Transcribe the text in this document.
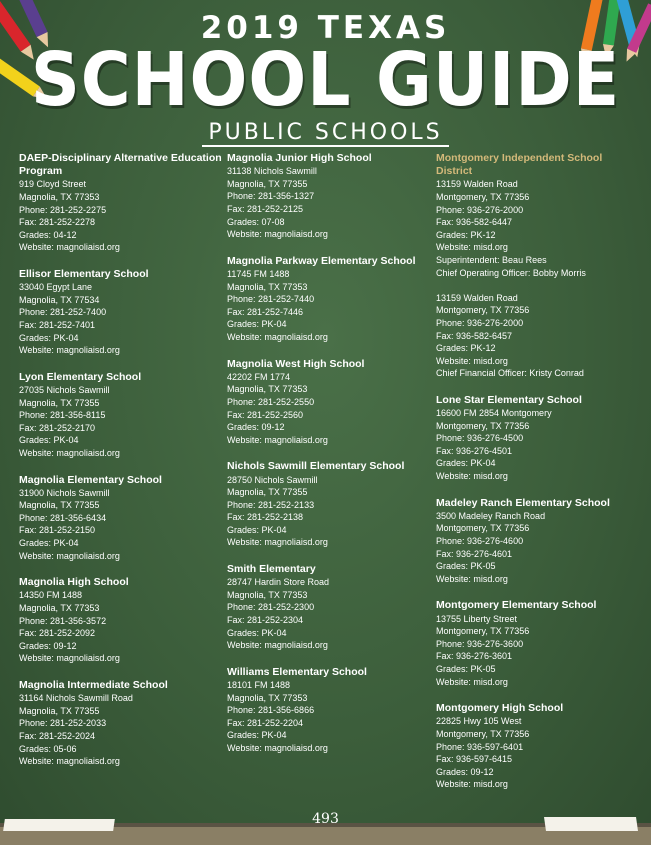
2019 TEXAS
SCHOOL GUIDE
PUBLIC SCHOOLS
DAEP-Disciplinary Alternative Education Program
919 Cloyd Street
Magnolia, TX 77353
Phone: 281-252-2275
Fax: 281-252-2278
Grades: 04-12
Website: magnoliaisd.org
Ellisor Elementary School
33040 Egypt Lane
Magnolia, TX 77534
Phone: 281-252-7400
Fax: 281-252-7401
Grades: PK-04
Website: magnoliaisd.org
Lyon Elementary School
27035 Nichols Sawmill
Magnolia, TX 77355
Phone: 281-356-8115
Fax: 281-252-2170
Grades: PK-04
Website: magnoliaisd.org
Magnolia Elementary School
31900 Nichols Sawmill
Magnolia, TX 77355
Phone: 281-356-6434
Fax: 281-252-2150
Grades: PK-04
Website: magnoliaisd.org
Magnolia High School
14350 FM 1488
Magnolia, TX 77353
Phone: 281-356-3572
Fax: 281-252-2092
Grades: 09-12
Website: magnoliaisd.org
Magnolia Intermediate School
31164 Nichols Sawmill Road
Magnolia, TX 77355
Phone: 281-252-2033
Fax: 281-252-2024
Grades: 05-06
Website: magnoliaisd.org
Magnolia Junior High School
31138 Nichols Sawmill
Magnolia, TX 77355
Phone: 281-356-1327
Fax: 281-252-2125
Grades: 07-08
Website: magnoliaisd.org
Magnolia Parkway Elementary School
11745 FM 1488
Magnolia, TX 77353
Phone: 281-252-7440
Fax: 281-252-7446
Grades: PK-04
Website: magnoliaisd.org
Magnolia West High School
42202 FM 1774
Magnolia, TX 77353
Phone: 281-252-2550
Fax: 281-252-2560
Grades: 09-12
Website: magnoliaisd.org
Nichols Sawmill Elementary School
28750 Nichols Sawmill
Magnolia, TX 77355
Phone: 281-252-2133
Fax: 281-252-2138
Grades: PK-04
Website: magnoliaisd.org
Smith Elementary
28747 Hardin Store Road
Magnolia, TX 77353
Phone: 281-252-2300
Fax: 281-252-2304
Grades: PK-04
Website: magnoliaisd.org
Williams Elementary School
18101 FM 1488
Magnolia, TX 77353
Phone: 281-356-6866
Fax: 281-252-2204
Grades: PK-04
Website: magnoliaisd.org
Montgomery Independent School District
13159 Walden Road
Montgomery, TX 77356
Phone: 936-276-2000
Fax: 936-582-6447
Grades: PK-12
Website: misd.org
Superintendent: Beau Rees
Chief Operating Officer: Bobby Morris
13159 Walden Road
Montgomery, TX 77356
Phone: 936-276-2000
Fax: 936-582-6457
Grades: PK-12
Website: misd.org
Chief Financial Officer: Kristy Conrad
Lone Star Elementary School
16600 FM 2854 Montgomery
Montgomery, TX 77356
Phone: 936-276-4500
Fax: 936-276-4501
Grades: PK-04
Website: misd.org
Madeley Ranch Elementary School
3500 Madeley Ranch Road
Montgomery, TX 77356
Phone: 936-276-4600
Fax: 936-276-4601
Grades: PK-05
Website: misd.org
Montgomery Elementary School
13755 Liberty Street
Montgomery, TX 77356
Phone: 936-276-3600
Fax: 936-276-3601
Grades: PK-05
Website: misd.org
Montgomery High School
22825 Hwy 105 West
Montgomery, TX 77356
Phone: 936-597-6401
Fax: 936-597-6415
Grades: 09-12
Website: misd.org
493
